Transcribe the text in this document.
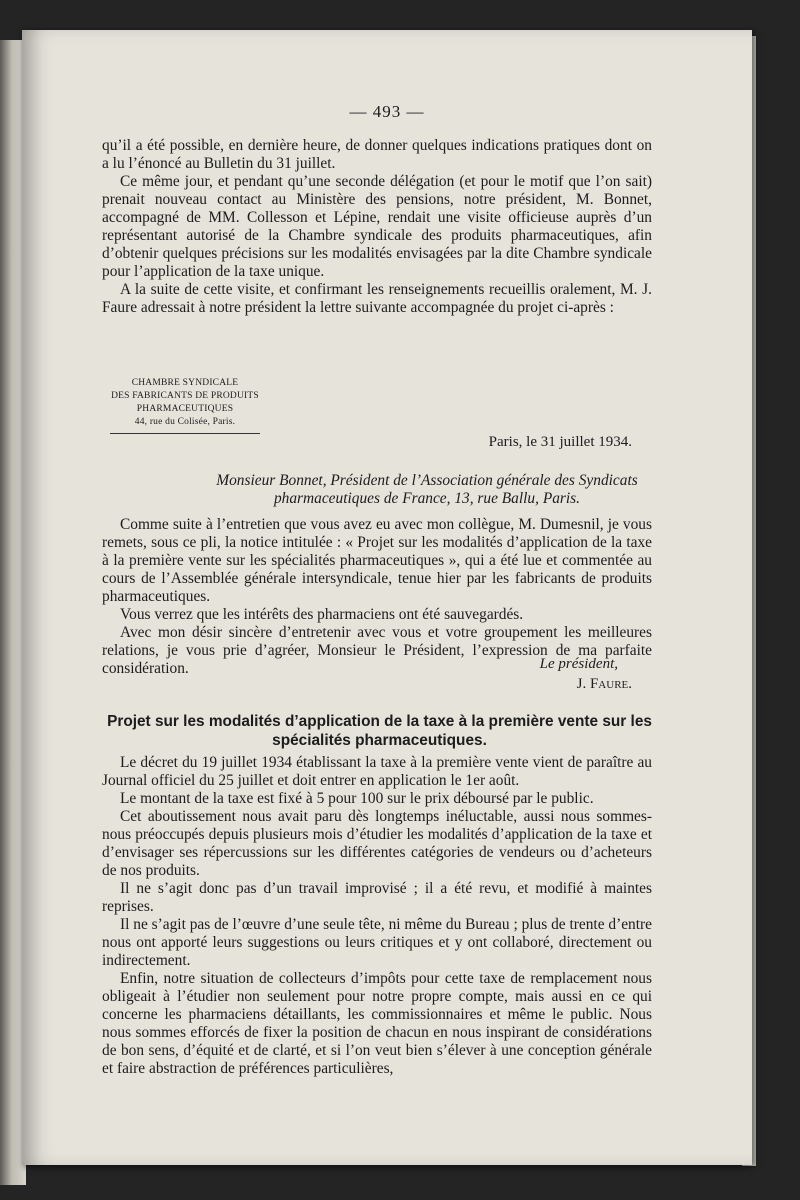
— 493 —

qu’il a été possible, en dernière heure, de donner quelques indications pratiques dont on a lu l’énoncé au Bulletin du 31 juillet.

Ce même jour, et pendant qu’une seconde délégation (et pour le motif que l’on sait) prenait nouveau contact au Ministère des pensions, notre président, M. Bonnet, accompagné de MM. Collesson et Lépine, rendait une visite officieuse auprès d’un représentant autorisé de la Chambre syndicale des produits pharmaceutiques, afin d’obtenir quelques précisions sur les modalités envisagées par la dite Chambre syndicale pour l’application de la taxe unique.

A la suite de cette visite, et confirmant les renseignements recueillis oralement, M. J. Faure adressait à notre président la lettre suivante accompagnée du projet ci-après :

CHAMBRE SYNDICALE
DES FABRICANTS DE PRODUITS
PHARMACEUTIQUES
44, rue du Colisée, Paris.
Paris, le 31 juillet 1934.
Monsieur Bonnet, Président de l’Association générale des Syndicats pharmaceutiques de France, 13, rue Ballu, Paris.

Comme suite à l’entretien que vous avez eu avec mon collègue, M. Dumesnil, je vous remets, sous ce pli, la notice intitulée : « Projet sur les modalités d’application de la taxe à la première vente sur les spécialités pharmaceutiques », qui a été lue et commentée au cours de l’Assemblée générale intersyndicale, tenue hier par les fabricants de produits pharmaceutiques.

Vous verrez que les intérêts des pharmaciens ont été sauvegardés.

Avec mon désir sincère d’entretenir avec vous et votre groupement les meilleures relations, je vous prie d’agréer, Monsieur le Président, l’expression de ma parfaite considération.	Le président,
J. Faure.
Projet sur les modalités d’application de la taxe à la première vente sur les spécialités pharmaceutiques.

Le décret du 19 juillet 1934 établissant la taxe à la première vente vient de paraître au Journal officiel du 25 juillet et doit entrer en application le 1er août.

Le montant de la taxe est fixé à 5 pour 100 sur le prix déboursé par le public.

Cet aboutissement nous avait paru dès longtemps inéluctable, aussi nous sommes-nous préoccupés depuis plusieurs mois d’étudier les modalités d’application de la taxe et d’envisager ses répercussions sur les différentes catégories de vendeurs ou d’acheteurs de nos produits.

Il ne s’agit donc pas d’un travail improvisé ; il a été revu, et modifié à maintes reprises.

Il ne s’agit pas de l’œuvre d’une seule tête, ni même du Bureau ; plus de trente d’entre nous ont apporté leurs suggestions ou leurs critiques et y ont collaboré, directement ou indirectement.

Enfin, notre situation de collecteurs d’impôts pour cette taxe de remplacement nous obligeait à l’étudier non seulement pour notre propre compte, mais aussi en ce qui concerne les pharmaciens détaillants, les commissionnaires et même le public. Nous nous sommes efforcés de fixer la position de chacun en nous inspirant de considérations de bon sens, d’équité et de clarté, et si l’on veut bien s’élever à une conception générale et faire abstraction de préférences particulières,
